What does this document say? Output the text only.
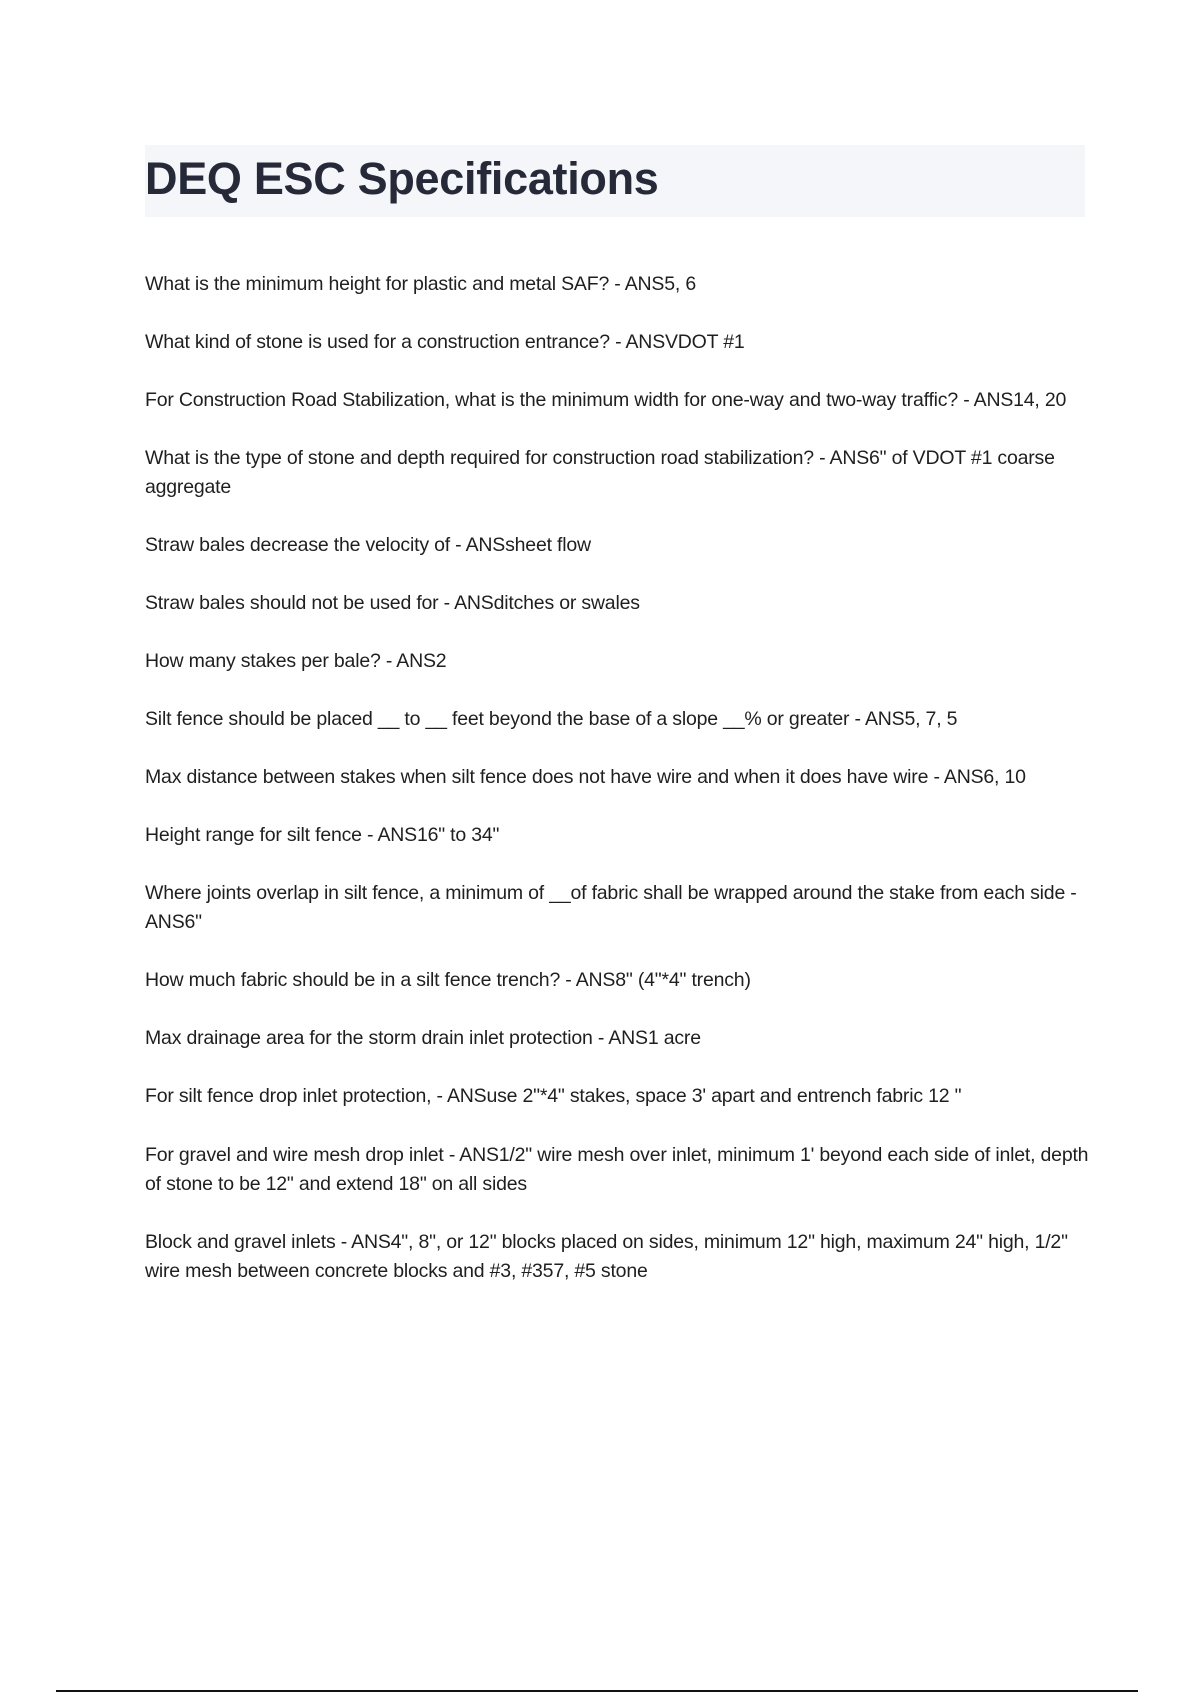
DEQ ESC Specifications

What is the minimum height for plastic and metal SAF? - ANS5, 6

What kind of stone is used for a construction entrance? - ANSVDOT #1

For Construction Road Stabilization, what is the minimum width for one-way and two-way traffic? - ANS14, 20

What is the type of stone and depth required for construction road stabilization? - ANS6" of VDOT #1 coarse aggregate

Straw bales decrease the velocity of - ANSsheet flow

Straw bales should not be used for - ANSditches or swales

How many stakes per bale? - ANS2

Silt fence should be placed __ to __ feet beyond the base of a slope __% or greater - ANS5, 7, 5

Max distance between stakes when silt fence does not have wire and when it does have wire - ANS6, 10

Height range for silt fence - ANS16" to 34"

Where joints overlap in silt fence, a minimum of __of fabric shall be wrapped around the stake from each side - ANS6"

How much fabric should be in a silt fence trench? - ANS8" (4"*4" trench)

Max drainage area for the storm drain inlet protection - ANS1 acre

For silt fence drop inlet protection, - ANSuse 2"*4" stakes, space 3' apart and entrench fabric 12 "

For gravel and wire mesh drop inlet - ANS1/2" wire mesh over inlet, minimum 1' beyond each side of inlet, depth of stone to be 12" and extend 18" on all sides

Block and gravel inlets - ANS4", 8", or 12" blocks placed on sides, minimum 12" high, maximum 24" high, 1/2" wire mesh between concrete blocks and #3, #357, #5 stone
